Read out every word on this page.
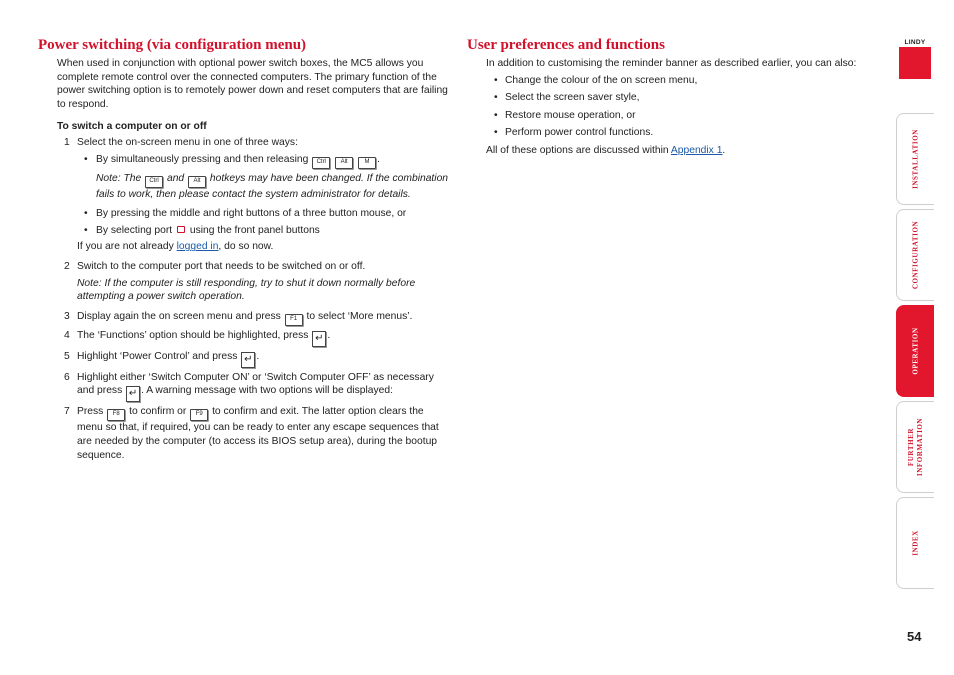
Power switching (via configuration menu)

When used in conjunction with optional power switch boxes, the MC5 allows you complete remote control over the connected computers. The primary function of the power switching option is to remotely power down and reset computers that are failing to respond.

To switch a computer on or off

1 Select the on-screen menu in one of three ways:
• By simultaneously pressing and then releasing Ctrl Alt	M .
Note: The Ctrl and Alt hotkeys may have been changed. If the combination fails to work, then please contact the system administrator for details.
• By pressing the middle and right buttons of a three button mouse, or
• By selecting port using the front panel buttons
If you are not already logged in, do so now.
2 Switch to the computer port that needs to be switched on or off.
Note: If the computer is still responding, try to shut it down normally before attempting a power switch operation.
3 Display again the on screen menu and press F1 to select ‘More menus’.
4 The ‘Functions’ option should be highlighted, press ↵ .
5 Highlight ‘Power Control’ and press ↵ .
6 Highlight either ‘Switch Computer ON’ or ‘Switch Computer OFF’ as necessary and press ↵ . A warning message with two options will be displayed:
7 Press F8 to confirm or F9 to confirm and exit. The latter option clears the menu so that, if required, you can be ready to enter any escape sequences that are needed by the computer (to access its BIOS setup area), during the bootup sequence.
User preferences and functions

In addition to customising the reminder banner as described earlier, you can also:

• Change the colour of the on screen menu,
• Select the screen saver style,
• Restore mouse operation, or
• Perform power control functions.

All of these options are discussed within Appendix 1.

LINDY
INSTALLATION
CONFIGURATION
OPERATION
FURTHER
INFORMATION
INDEX
54
